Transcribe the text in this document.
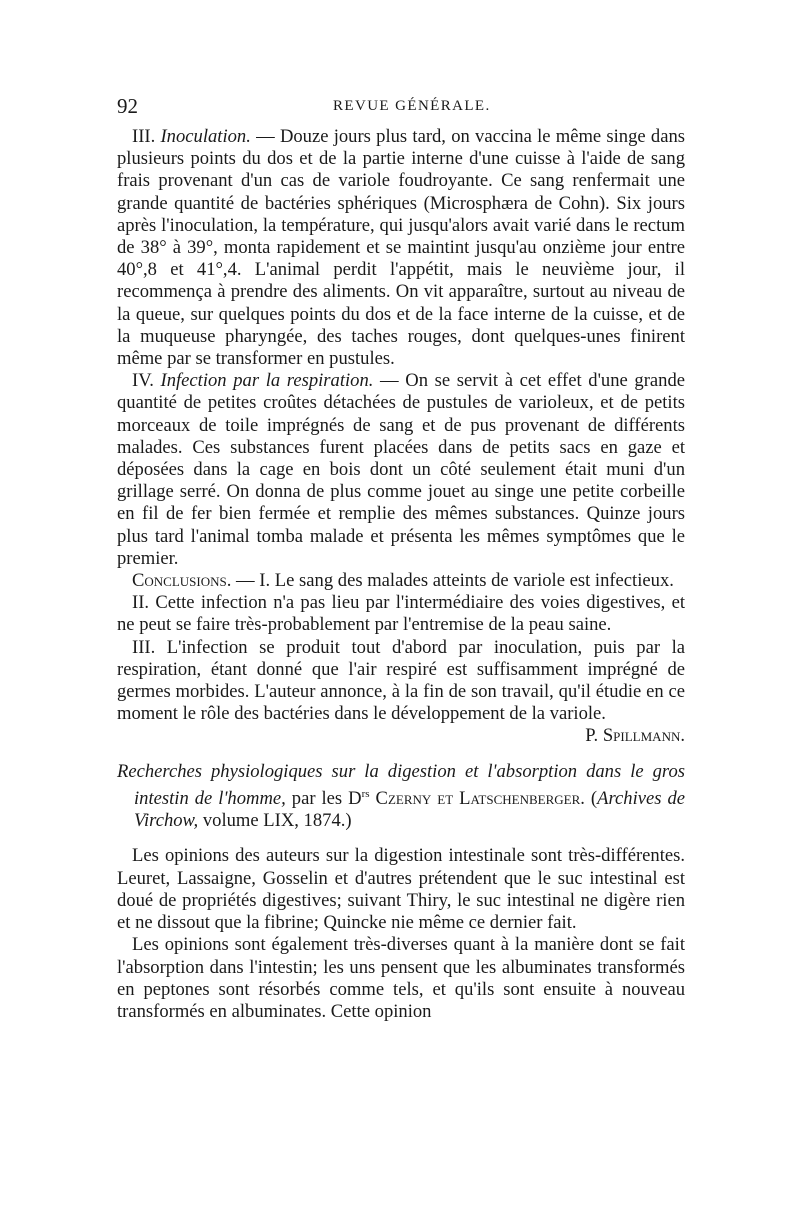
92	REVUE GÉNÉRALE.

III. Inoculation. — Douze jours plus tard, on vaccina le même singe dans plusieurs points du dos et de la partie interne d'une cuisse à l'aide de sang frais provenant d'un cas de variole foudroyante. Ce sang renfermait une grande quantité de bactéries sphériques (Microsphæra de Cohn). Six jours après l'inoculation, la température, qui jusqu'alors avait varié dans le rectum de 38° à 39°, monta rapidement et se maintint jusqu'au onzième jour entre 40°,8 et 41°,4. L'animal perdit l'appétit, mais le neuvième jour, il recommença à prendre des aliments. On vit apparaître, surtout au niveau de la queue, sur quelques points du dos et de la face interne de la cuisse, et de la muqueuse pharyngée, des taches rouges, dont quelques-unes finirent même par se transformer en pustules.

IV. Infection par la respiration. — On se servit à cet effet d'une grande quantité de petites croûtes détachées de pustules de varioleux, et de petits morceaux de toile imprégnés de sang et de pus provenant de différents malades. Ces substances furent placées dans de petits sacs en gaze et déposées dans la cage en bois dont un côté seulement était muni d'un grillage serré. On donna de plus comme jouet au singe une petite corbeille en fil de fer bien fermée et remplie des mêmes substances. Quinze jours plus tard l'animal tomba malade et présenta les mêmes symptômes que le premier.

Conclusions. — I. Le sang des malades atteints de variole est infectieux.

II. Cette infection n'a pas lieu par l'intermédiaire des voies digestives, et ne peut se faire très-probablement par l'entremise de la peau saine.

III. L'infection se produit tout d'abord par inoculation, puis par la respiration, étant donné que l'air respiré est suffisamment imprégné de germes morbides. L'auteur annonce, à la fin de son travail, qu'il étudie en ce moment le rôle des bactéries dans le développement de la variole.
P. Spillmann.

Recherches physiologiques sur la digestion et l'absorption dans le gros intestin de l'homme, par les $D^{rs}$ Czerny et Latschenberger. (Archives de Virchow, volume LIX, 1874.)

Les opinions des auteurs sur la digestion intestinale sont très-différentes. Leuret, Lassaigne, Gosselin et d'autres prétendent que le suc intestinal est doué de propriétés digestives; suivant Thiry, le suc intestinal ne digère rien et ne dissout que la fibrine; Quincke nie même ce dernier fait.

Les opinions sont également très-diverses quant à la manière dont se fait l'absorption dans l'intestin; les uns pensent que les albuminates transformés en peptones sont résorbés comme tels, et qu'ils sont ensuite à nouveau transformés en albuminates. Cette opinion
